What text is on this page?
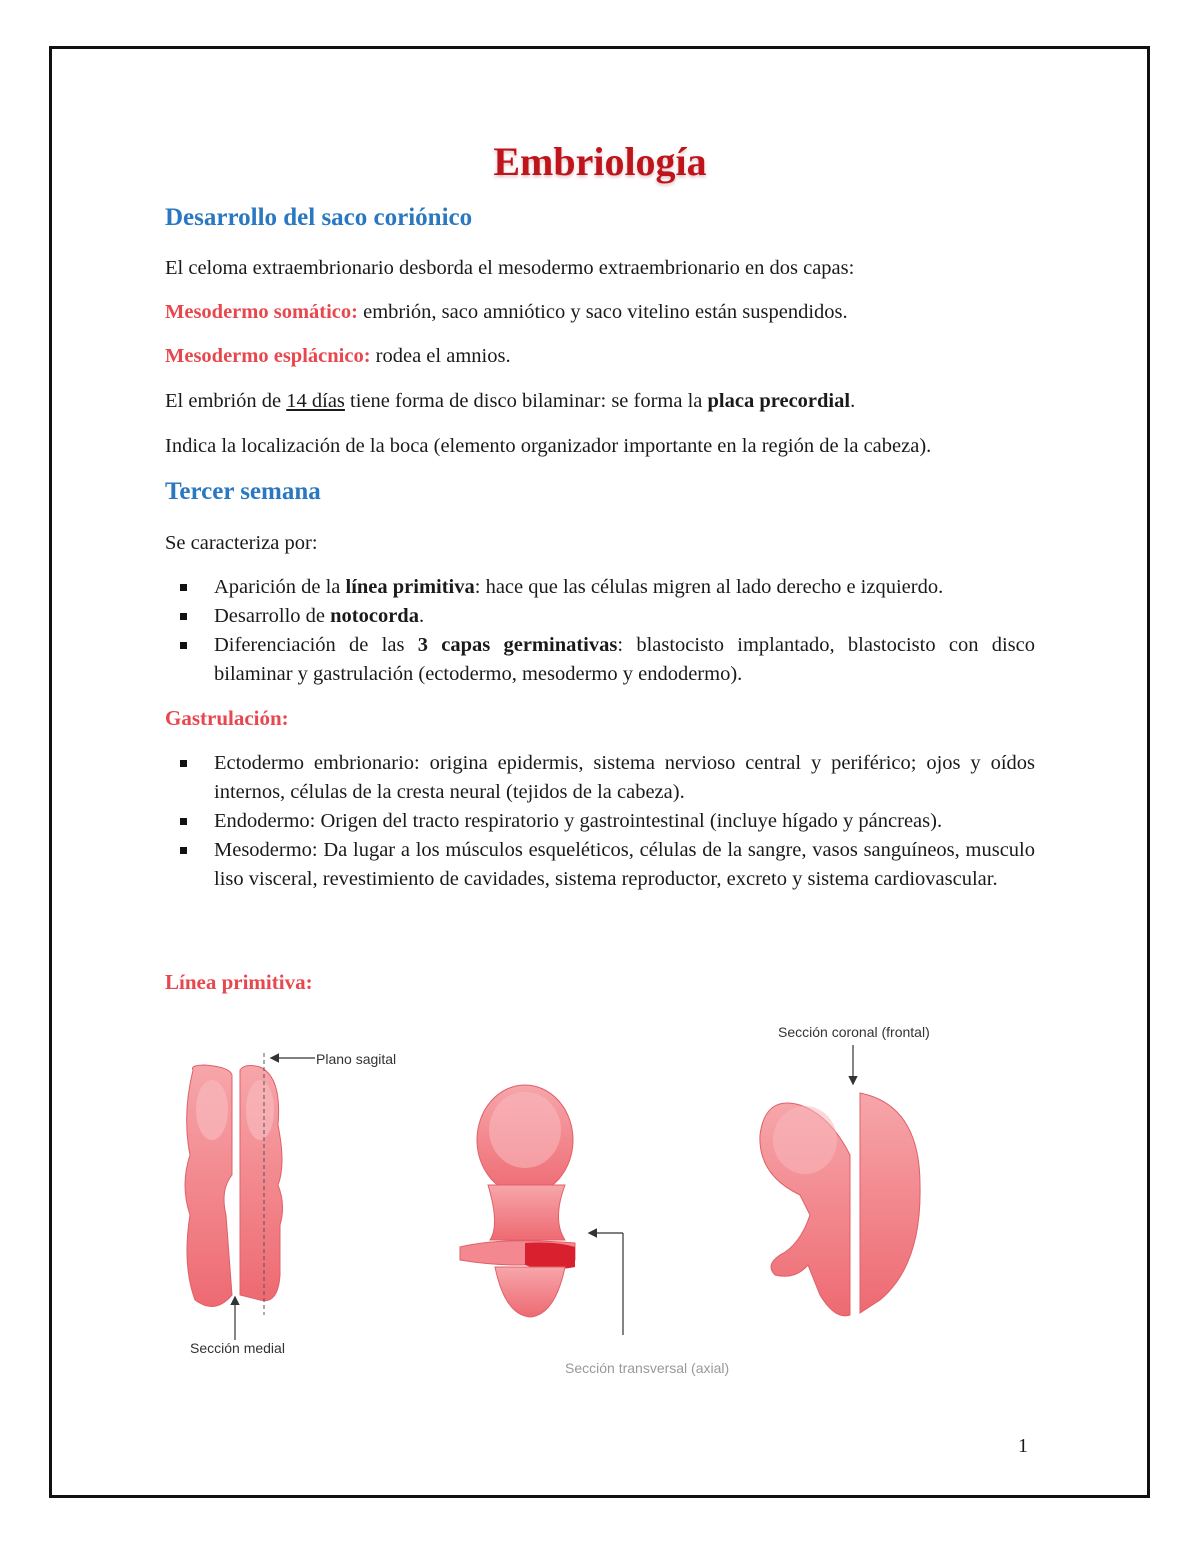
Embriología
Desarrollo del saco coriónico
El celoma extraembrionario desborda el mesodermo extraembrionario en dos capas:
Mesodermo somático: embrión, saco amniótico y saco vitelino están suspendidos.
Mesodermo esplácnico: rodea el amnios.
El embrión de 14 días tiene forma de disco bilaminar: se forma la placa precordial.
Indica la localización de la boca (elemento organizador importante en la región de la cabeza).
Tercer semana
Se caracteriza por:
Aparición de la línea primitiva: hace que las células migren al lado derecho e izquierdo.
Desarrollo de notocorda.
Diferenciación de las 3 capas germinativas: blastocisto implantado, blastocisto con disco bilaminar y gastrulación (ectodermo, mesodermo y endodermo).
Gastrulación:
Ectodermo embrionario: origina epidermis, sistema nervioso central y periférico; ojos y oídos internos, células de la cresta neural (tejidos de la cabeza).
Endodermo: Origen del tracto respiratorio y gastrointestinal (incluye hígado y páncreas).
Mesodermo: Da lugar a los músculos esqueléticos, células de la sangre, vasos sanguíneos, musculo liso visceral, revestimiento de cavidades, sistema reproductor, excreto y sistema cardiovascular.
Línea primitiva:
Plano sagital
Sección medial
Sección transversal (axial)
Sección coronal (frontal)
1
